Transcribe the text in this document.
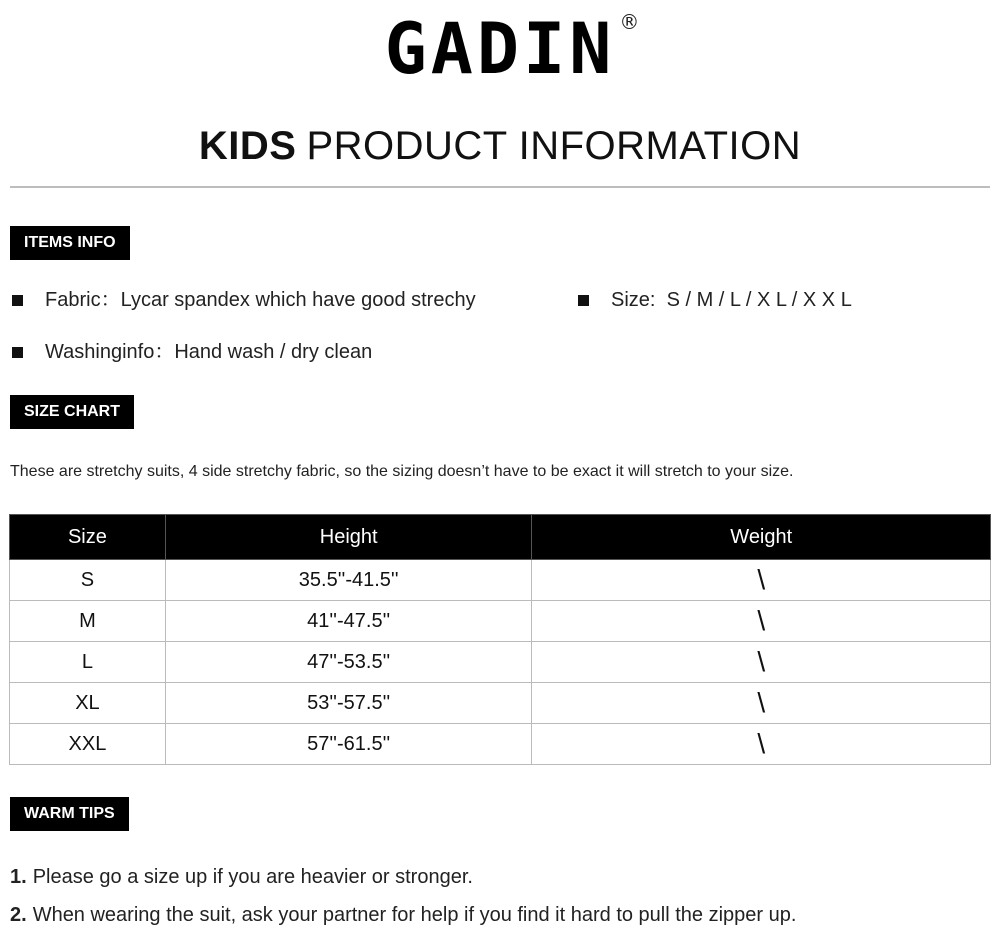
GADIN ®
KIDS PRODUCT INFORMATION
ITEMS INFO
Fabric：Lycar spandex which have good strechy	Size:  S / M / L / X L / X X L
Washinginfo：Hand wash / dry clean
SIZE CHART
These are stretchy suits, 4 side stretchy fabric, so the sizing doesn’t have to be exact it will stretch to your size.
Size	Height	Weight
S	35.5''-41.5''	\
M	41''-47.5''	\
L	47''-53.5''	\
XL	53''-57.5''	\
XXL	57''-61.5''	\
WARM TIPS
1. Please go a size up if you are heavier or stronger.
2. When wearing the suit, ask your partner for help if you find it hard to pull the zipper up.
